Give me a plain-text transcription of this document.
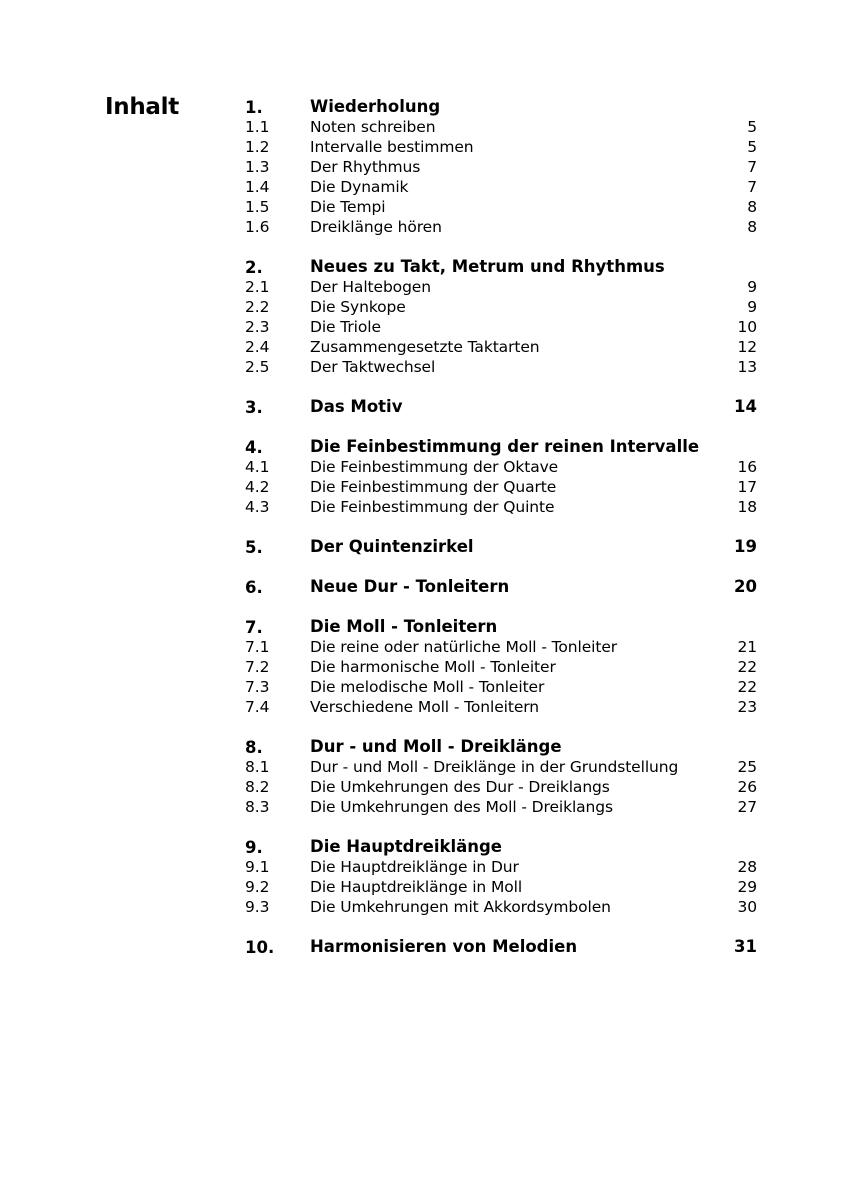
Inhalt	1.	Wiederholung
1.1	Noten schreiben	5
1.2	Intervalle bestimmen	5
1.3	Der Rhythmus	7
1.4	Die Dynamik	7
1.5	Die Tempi	8
1.6	Dreiklänge hören	8
2.	Neues zu Takt, Metrum und Rhythmus
2.1	Der Haltebogen	9
2.2	Die Synkope	9
2.3	Die Triole	10
2.4	Zusammengesetzte Taktarten	12
2.5	Der Taktwechsel	13
3.	Das Motiv	14
4.	Die Feinbestimmung der reinen Intervalle
4.1	Die Feinbestimmung der Oktave	16
4.2	Die Feinbestimmung der Quarte	17
4.3	Die Feinbestimmung der Quinte	18
5.	Der Quintenzirkel	19
6.	Neue Dur - Tonleitern	20
7.	Die Moll - Tonleitern
7.1	Die reine oder natürliche Moll - Tonleiter	21
7.2	Die harmonische Moll - Tonleiter	22
7.3	Die melodische Moll - Tonleiter	22
7.4	Verschiedene Moll - Tonleitern	23
8.	Dur - und Moll - Dreiklänge
8.1	Dur - und Moll - Dreiklänge in der Grundstellung	25
8.2	Die Umkehrungen des Dur - Dreiklangs	26
8.3	Die Umkehrungen des Moll - Dreiklangs	27
9.	Die Hauptdreiklänge
9.1	Die Hauptdreiklänge in Dur	28
9.2	Die Hauptdreiklänge in Moll	29
9.3	Die Umkehrungen mit Akkordsymbolen	30
10. Harmonisieren von Melodien	31
